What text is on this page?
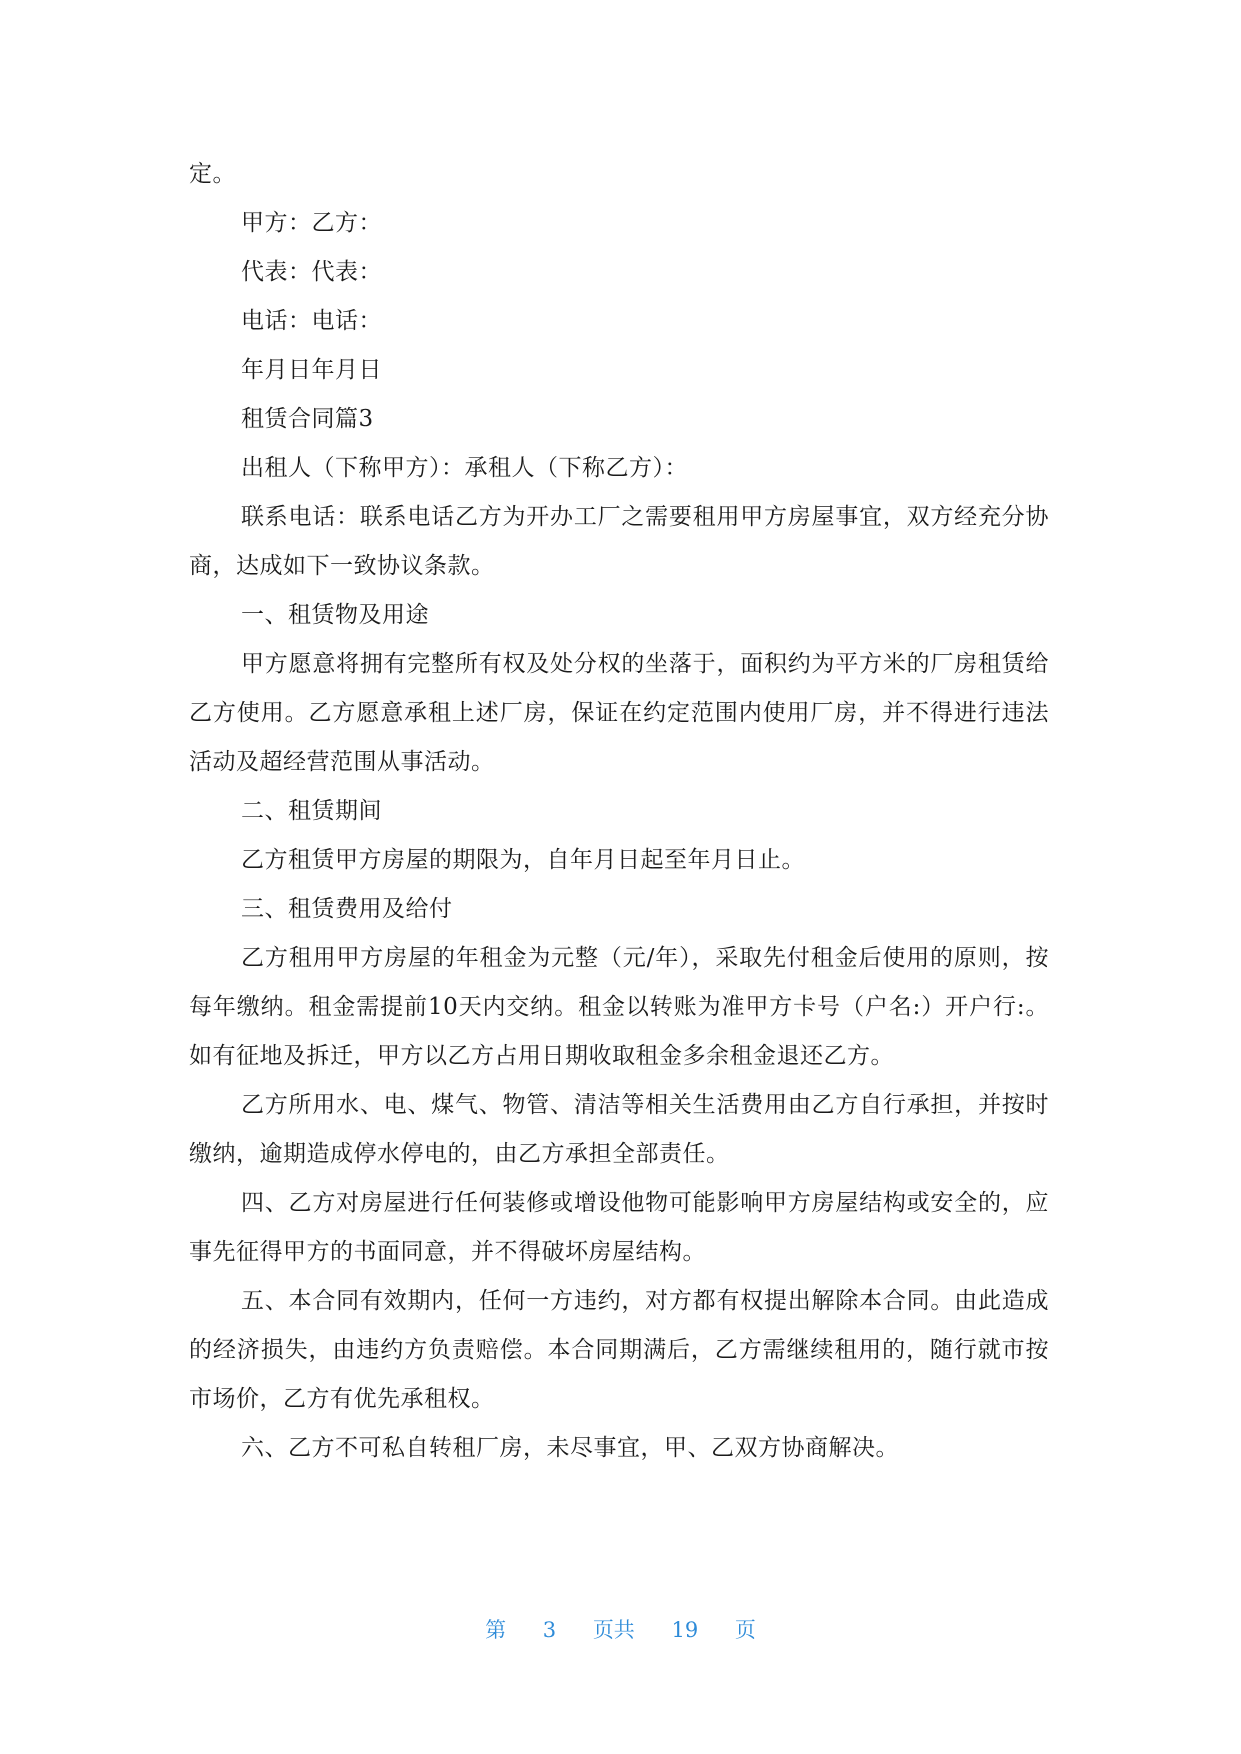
定。

甲方：乙方：

代表：代表：

电话：电话：

年月日年月日

租赁合同篇3

出租人（下称甲方）：承租人（下称乙方）：

联系电话：联系电话乙方为开办工厂之需要租用甲方房屋事宜，双方经充分协商，达成如下一致协议条款。

一、租赁物及用途

甲方愿意将拥有完整所有权及处分权的坐落于，面积约为平方米的厂房租赁给乙方使用。乙方愿意承租上述厂房，保证在约定范围内使用厂房，并不得进行违法活动及超经营范围从事活动。

二、租赁期间

乙方租赁甲方房屋的期限为，自年月日起至年月日止。

三、租赁费用及给付

乙方租用甲方房屋的年租金为元整（元/年），采取先付租金后使用的原则，按每年缴纳。租金需提前10天内交纳。租金以转账为准甲方卡号（户名:）开户行:。如有征地及拆迁，甲方以乙方占用日期收取租金多余租金退还乙方。

乙方所用水、电、煤气、物管、清洁等相关生活费用由乙方自行承担，并按时缴纳，逾期造成停水停电的，由乙方承担全部责任。

四、乙方对房屋进行任何装修或增设他物可能影响甲方房屋结构或安全的，应事先征得甲方的书面同意，并不得破坏房屋结构。

五、本合同有效期内，任何一方违约，对方都有权提出解除本合同。由此造成的经济损失，由违约方负责赔偿。本合同期满后，乙方需继续租用的，随行就市按市场价，乙方有优先承租权。

六、乙方不可私自转租厂房，未尽事宜，甲、乙双方协商解决。

第 3 页共 19 页
